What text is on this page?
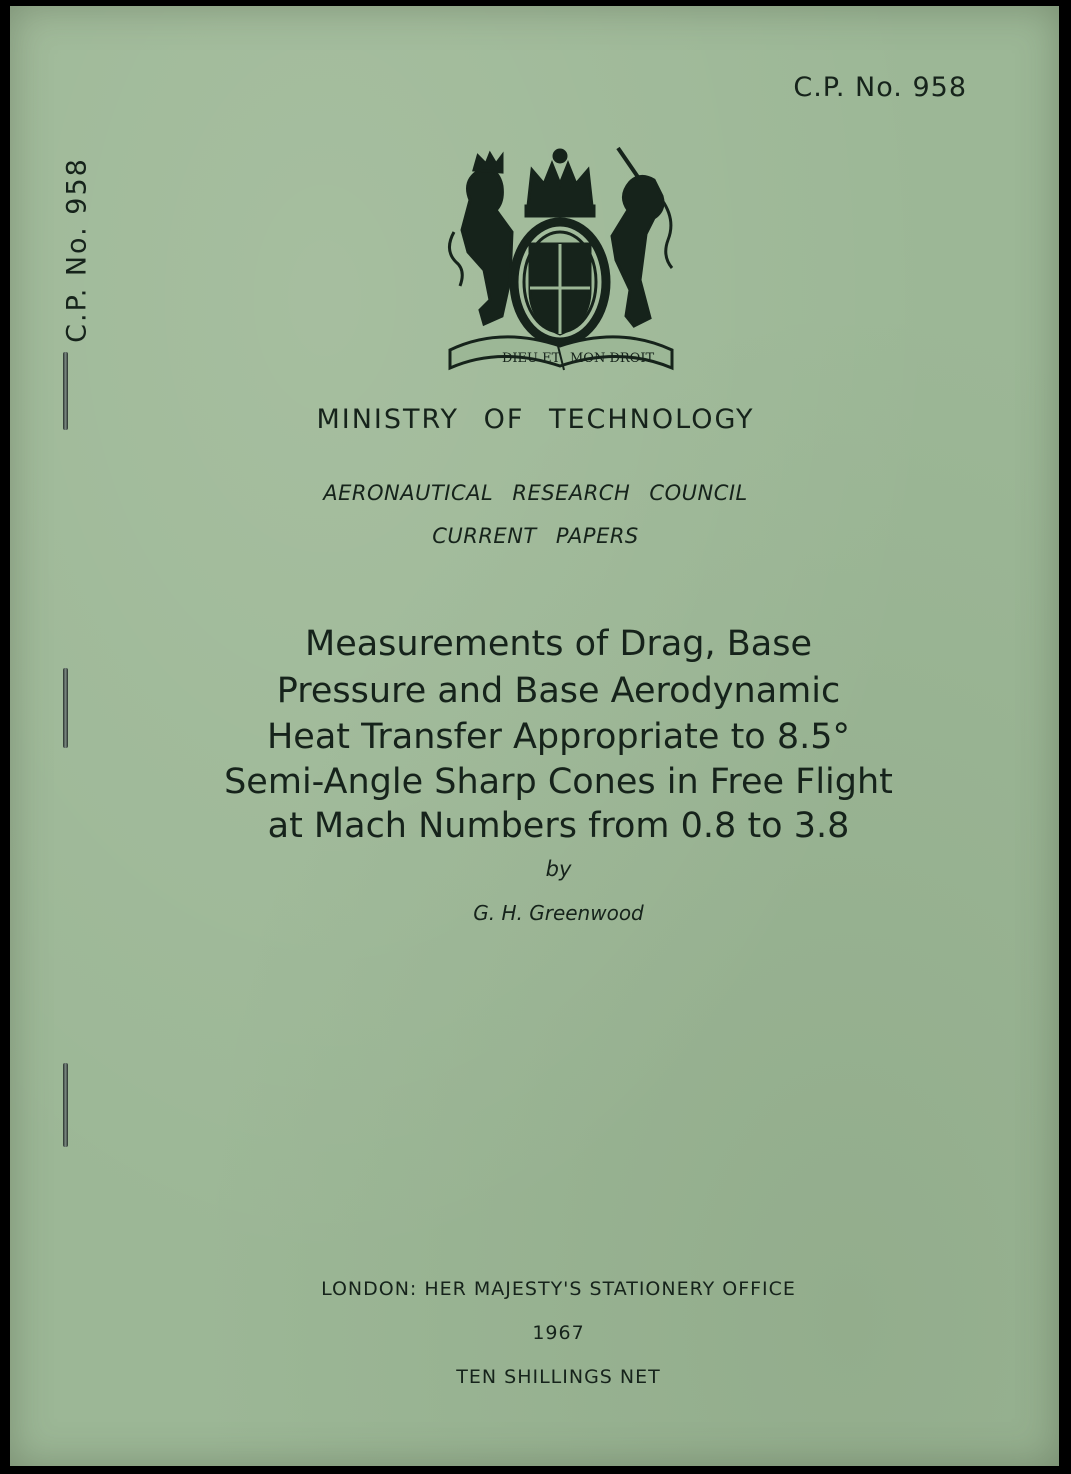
C.P. No. 958
C.P. No. 958
DIEU ET MON DROIT
MINISTRY OF TECHNOLOGY
AERONAUTICAL RESEARCH COUNCIL
CURRENT PAPERS
Measurements of Drag, Base
Pressure and Base Aerodynamic
Heat Transfer Appropriate to 8.5°
Semi-Angle Sharp Cones in Free Flight
at Mach Numbers from 0.8 to 3.8
by
G. H. Greenwood
LONDON: HER MAJESTY'S STATIONERY OFFICE
1967
TEN SHILLINGS NET
